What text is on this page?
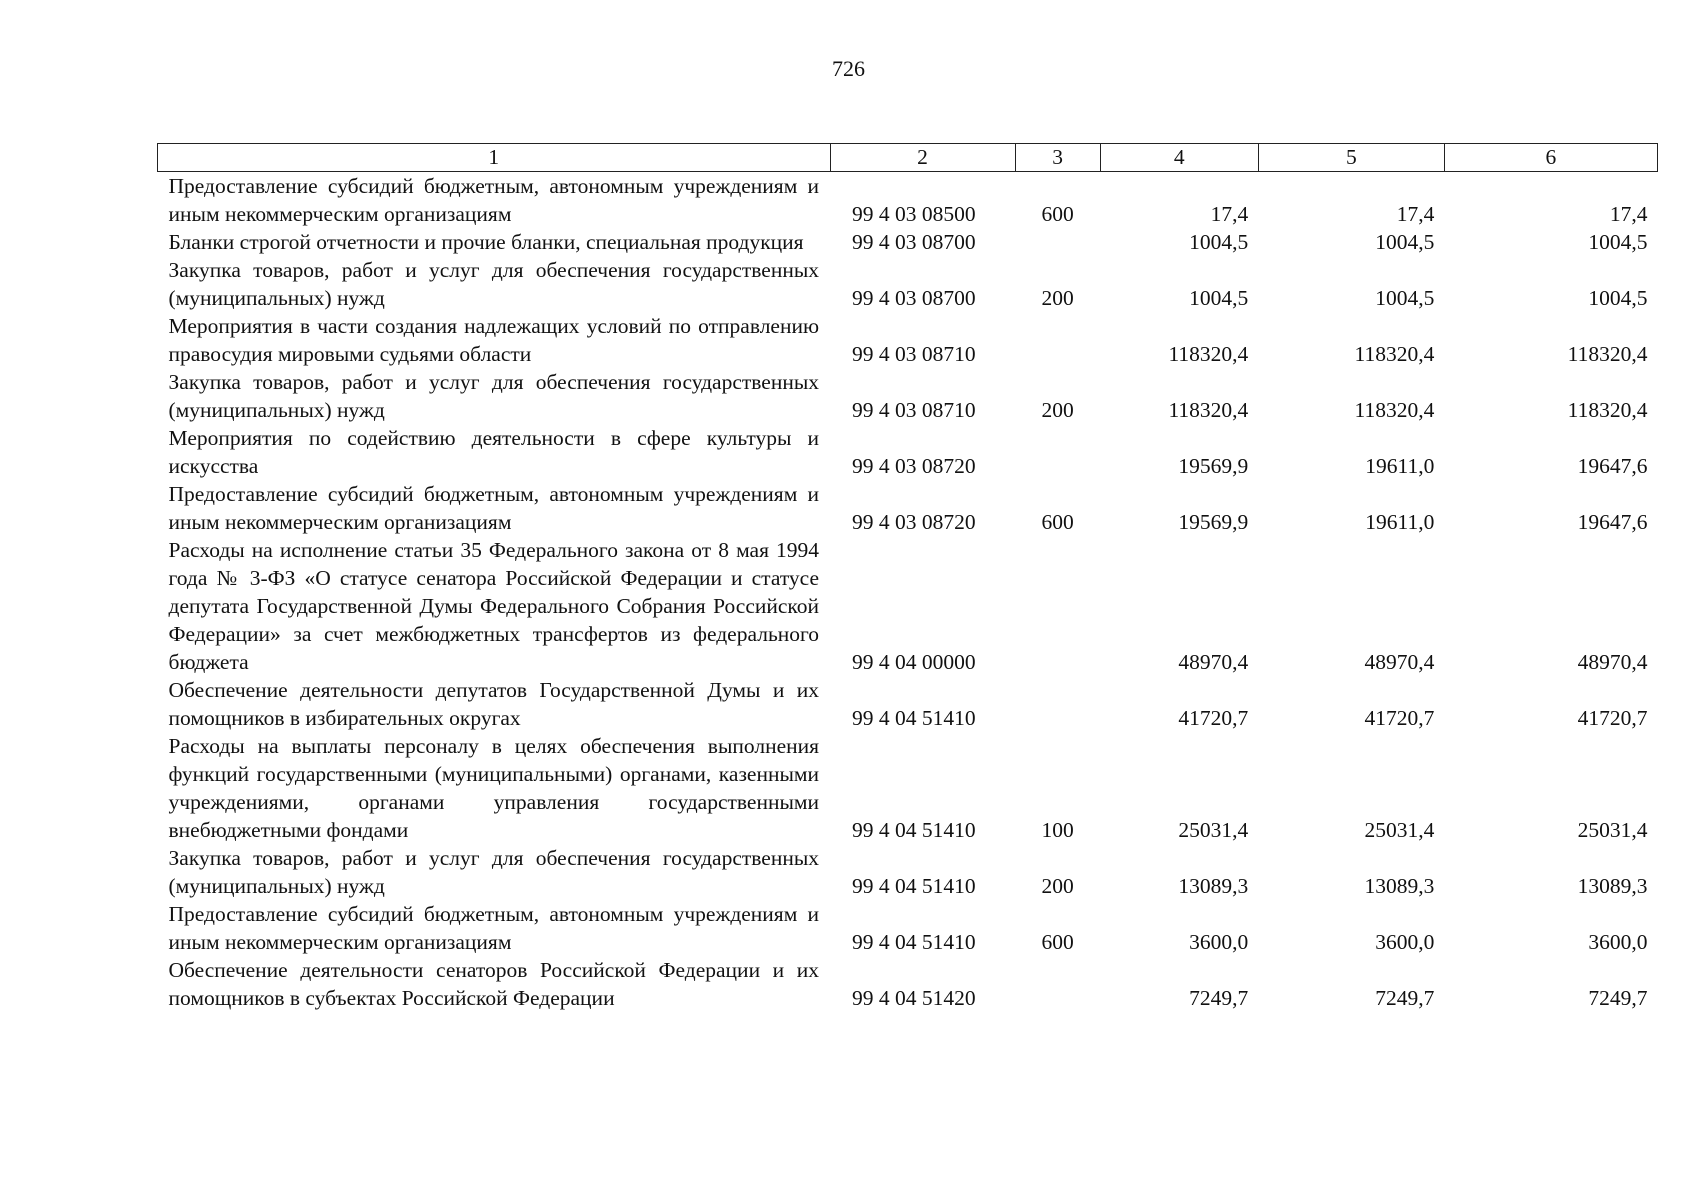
726
1	2	3	4	5	6
Предоставление субсидий бюджетным, автономным учреждениям и иным некоммерческим организациям	99 4 03 08500	600	17,4	17,4	17,4
Бланки строгой отчетности и прочие бланки, специальная продукция	99 4 03 08700		1004,5	1004,5	1004,5
Закупка товаров, работ и услуг для обеспечения государственных (муниципальных) нужд	99 4 03 08700	200	1004,5	1004,5	1004,5
Мероприятия в части создания надлежащих условий по отправлению правосудия мировыми судьями области	99 4 03 08710		118320,4	118320,4	118320,4
Закупка товаров, работ и услуг для обеспечения государственных (муниципальных) нужд	99 4 03 08710	200	118320,4	118320,4	118320,4
Мероприятия по содействию деятельности в сфере культуры и искусства	99 4 03 08720		19569,9	19611,0	19647,6
Предоставление субсидий бюджетным, автономным учреждениям и иным некоммерческим организациям	99 4 03 08720	600	19569,9	19611,0	19647,6
Расходы на исполнение статьи 35 Федерального закона от 8 мая 1994 года № 3-ФЗ «О статусе сенатора Российской Федерации и статусе депутата Государственной Думы Федерального Собрания Российской Федерации» за счет межбюджетных трансфертов из федерального бюджета	99 4 04 00000		48970,4	48970,4	48970,4
Обеспечение деятельности депутатов Государственной Думы и их помощников в избирательных округах	99 4 04 51410		41720,7	41720,7	41720,7
Расходы на выплаты персоналу в целях обеспечения выполнения функций государственными (муниципальными) органами, казенными учреждениями, органами управления государственными внебюджетными фондами	99 4 04 51410	100	25031,4	25031,4	25031,4
Закупка товаров, работ и услуг для обеспечения государственных (муниципальных) нужд	99 4 04 51410	200	13089,3	13089,3	13089,3
Предоставление субсидий бюджетным, автономным учреждениям и иным некоммерческим организациям	99 4 04 51410	600	3600,0	3600,0	3600,0
Обеспечение деятельности сенаторов Российской Федерации и их помощников в субъектах Российской Федерации	99 4 04 51420		7249,7	7249,7	7249,7
